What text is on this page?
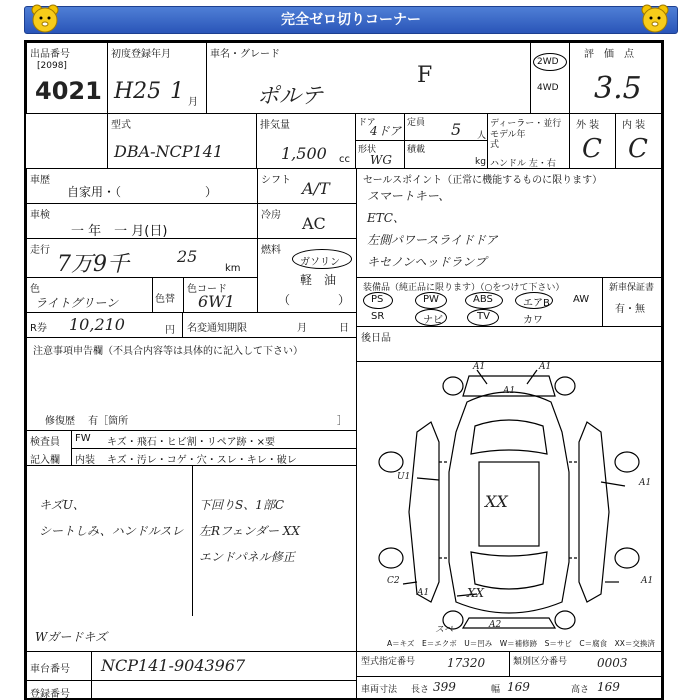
完全ゼロ切りコーナー
出品番号
[2098]
4021
初度登録年月
H25 1 月
車名・グレード
ポルテ
F
2WD
4WD
評　価　点
3.5
型式
DBA-NCP141
排気量
1,500 cc
ドア
4ドア
定員 5 人
形状
WG
積載
kg
ディーラー・並行
モデル年式
ハンドル 左・右
外 装
C
内 装
C
車歴
自家用・（　　　　　　　）
車検
一 年　一 月(日)
走行
7万9千	25
km
色
ライトグリーン	色替
色コード
6W1
シフト A/T
冷房 AC
燃料
ガソリン
軽　油
（　　　　）
セールスポイント（正常に機能するものに限ります）
スマートキー、
ETC、
左側パワースライドドア
キセノンヘッドランプ
装備品（純正品に限ります）（○をつけて下さい）
PS	PW	ABS	エアB AW
SR	ナビ	TV	カワ
新車保証書
有・無
後日品
R券 10,210	円 名変通知期限	月	日
注意事項申告欄（不具合内容等は具体的に記入して下さい）
修復歴　 有［箇所	］
検査員
記入欄
FW キズ・飛石・ヒビ割・リペア跡・×要
内装 キズ・汚レ・コゲ・穴・スレ・キレ・破レ
キズU、
シートしみ、ハンドルスレ
下回りS、1部C
左Rフェンダー XX
エンドパネル修正
Wガードキズ
A1	A1
A1
U1
XX
A1
C2	A1
A1	XX
A2
スペ
A＝キズ　E＝エクボ　U＝凹み　W＝補修跡　S＝サビ　C＝腐食　XX＝交換済
車台番号 NCP141-9043967
登録番号
型式指定番号	17320	類別区分番号 0003
車両寸法 長さ 399	幅 169	高さ 169
